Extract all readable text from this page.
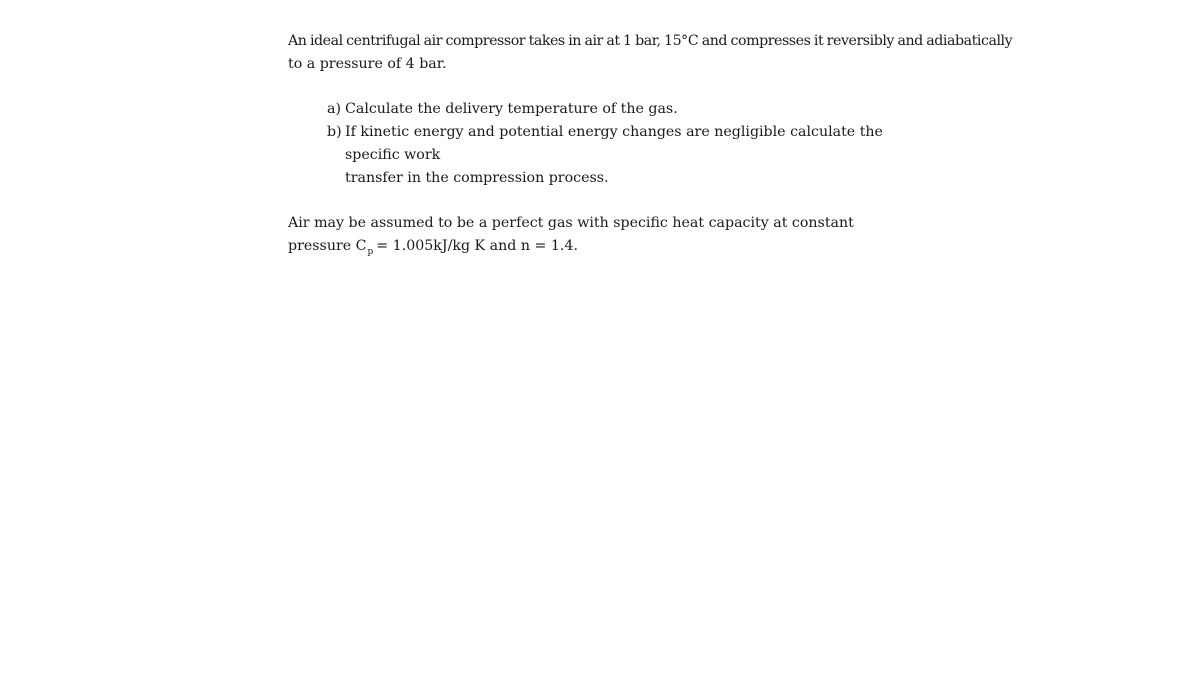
An ideal centrifugal air compressor takes in air at 1 bar, 15°C and compresses it reversibly and adiabatically
to a pressure of 4 bar.

a) Calculate the delivery temperature of the gas.
b) If kinetic energy and potential energy changes are negligible calculate the specific work
transfer in the compression process.

Air may be assumed to be a perfect gas with specific heat capacity at constant
pressure $C_p = 1.005kJ/kg$ K and n = 1.4.
